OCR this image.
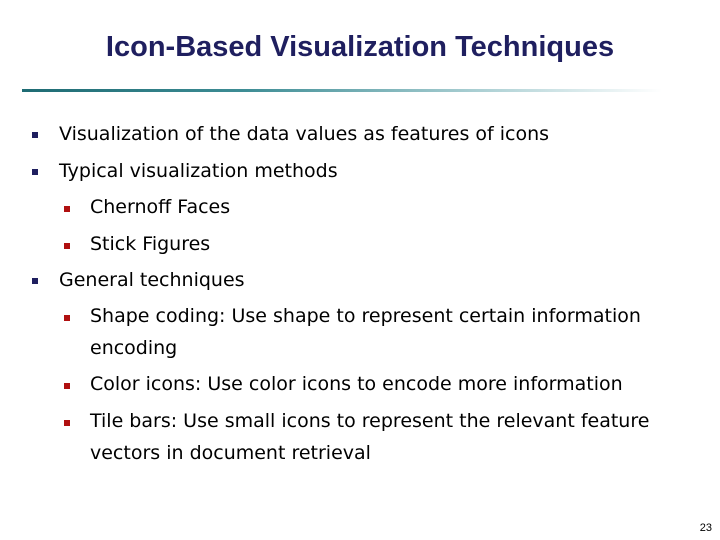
Icon-Based Visualization Techniques
Visualization of the data values as features of icons
Typical visualization methods
Chernoff Faces
Stick Figures
General techniques
Shape coding: Use shape to represent certain information encoding
Color icons: Use color icons to encode more information
Tile bars: Use small icons to represent the relevant feature vectors in document retrieval
23
